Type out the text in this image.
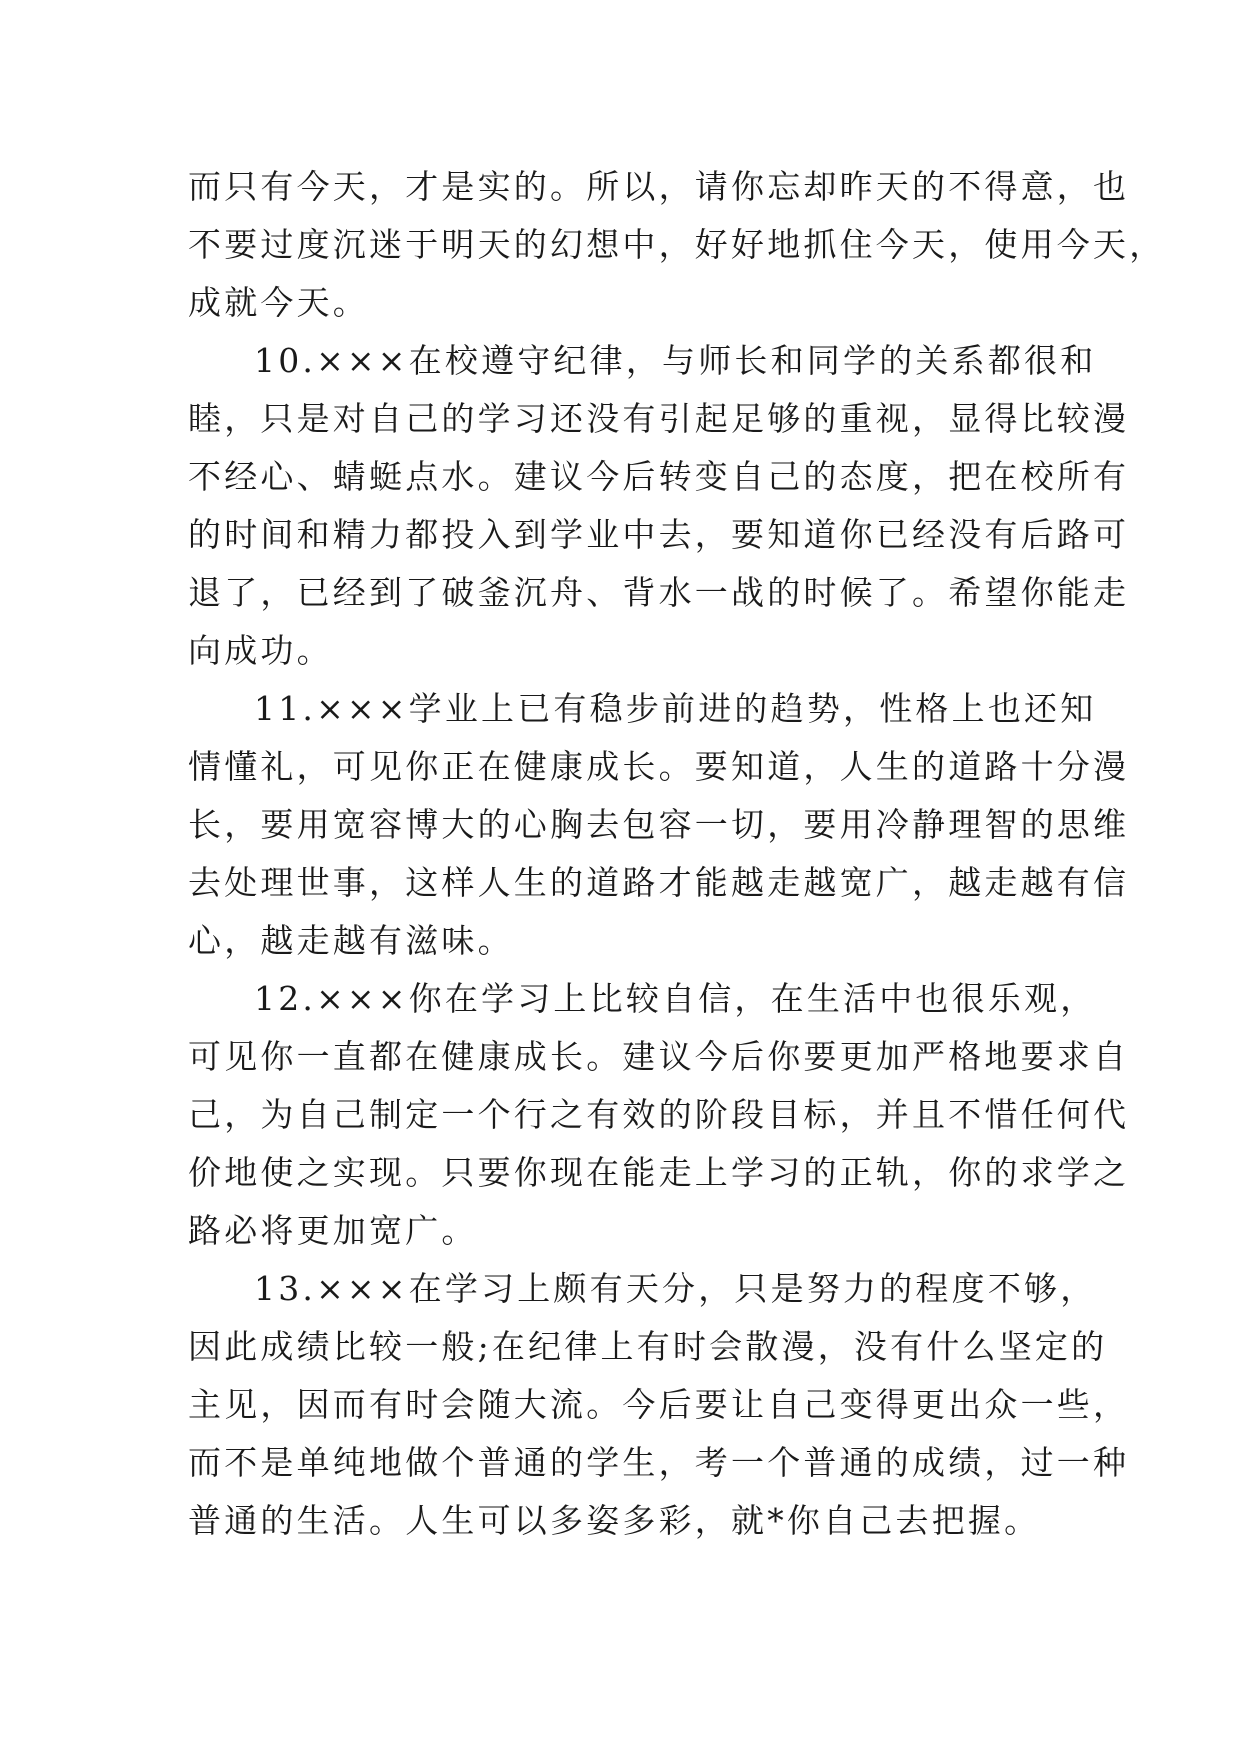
而只有今天，才是实的。所以，请你忘却昨天的不得意，也
不要过度沉迷于明天的幻想中，好好地抓住今天，使用今天，
成就今天。
10.×××在校遵守纪律，与师长和同学的关系都很和
睦，只是对自己的学习还没有引起足够的重视，显得比较漫
不经心、蜻蜓点水。建议今后转变自己的态度，把在校所有
的时间和精力都投入到学业中去，要知道你已经没有后路可
退了，已经到了破釜沉舟、背水一战的时候了。希望你能走
向成功。
11.×××学业上已有稳步前进的趋势，性格上也还知
情懂礼，可见你正在健康成长。要知道，人生的道路十分漫
长，要用宽容博大的心胸去包容一切，要用冷静理智的思维
去处理世事，这样人生的道路才能越走越宽广，越走越有信
心，越走越有滋味。
12.×××你在学习上比较自信，在生活中也很乐观，
可见你一直都在健康成长。建议今后你要更加严格地要求自
己，为自己制定一个行之有效的阶段目标，并且不惜任何代
价地使之实现。只要你现在能走上学习的正轨，你的求学之
路必将更加宽广。
13.×××在学习上颇有天分，只是努力的程度不够，
因此成绩比较一般;在纪律上有时会散漫，没有什么坚定的
主见，因而有时会随大流。今后要让自己变得更出众一些，
而不是单纯地做个普通的学生，考一个普通的成绩，过一种
普通的生活。人生可以多姿多彩，就*你自己去把握。
